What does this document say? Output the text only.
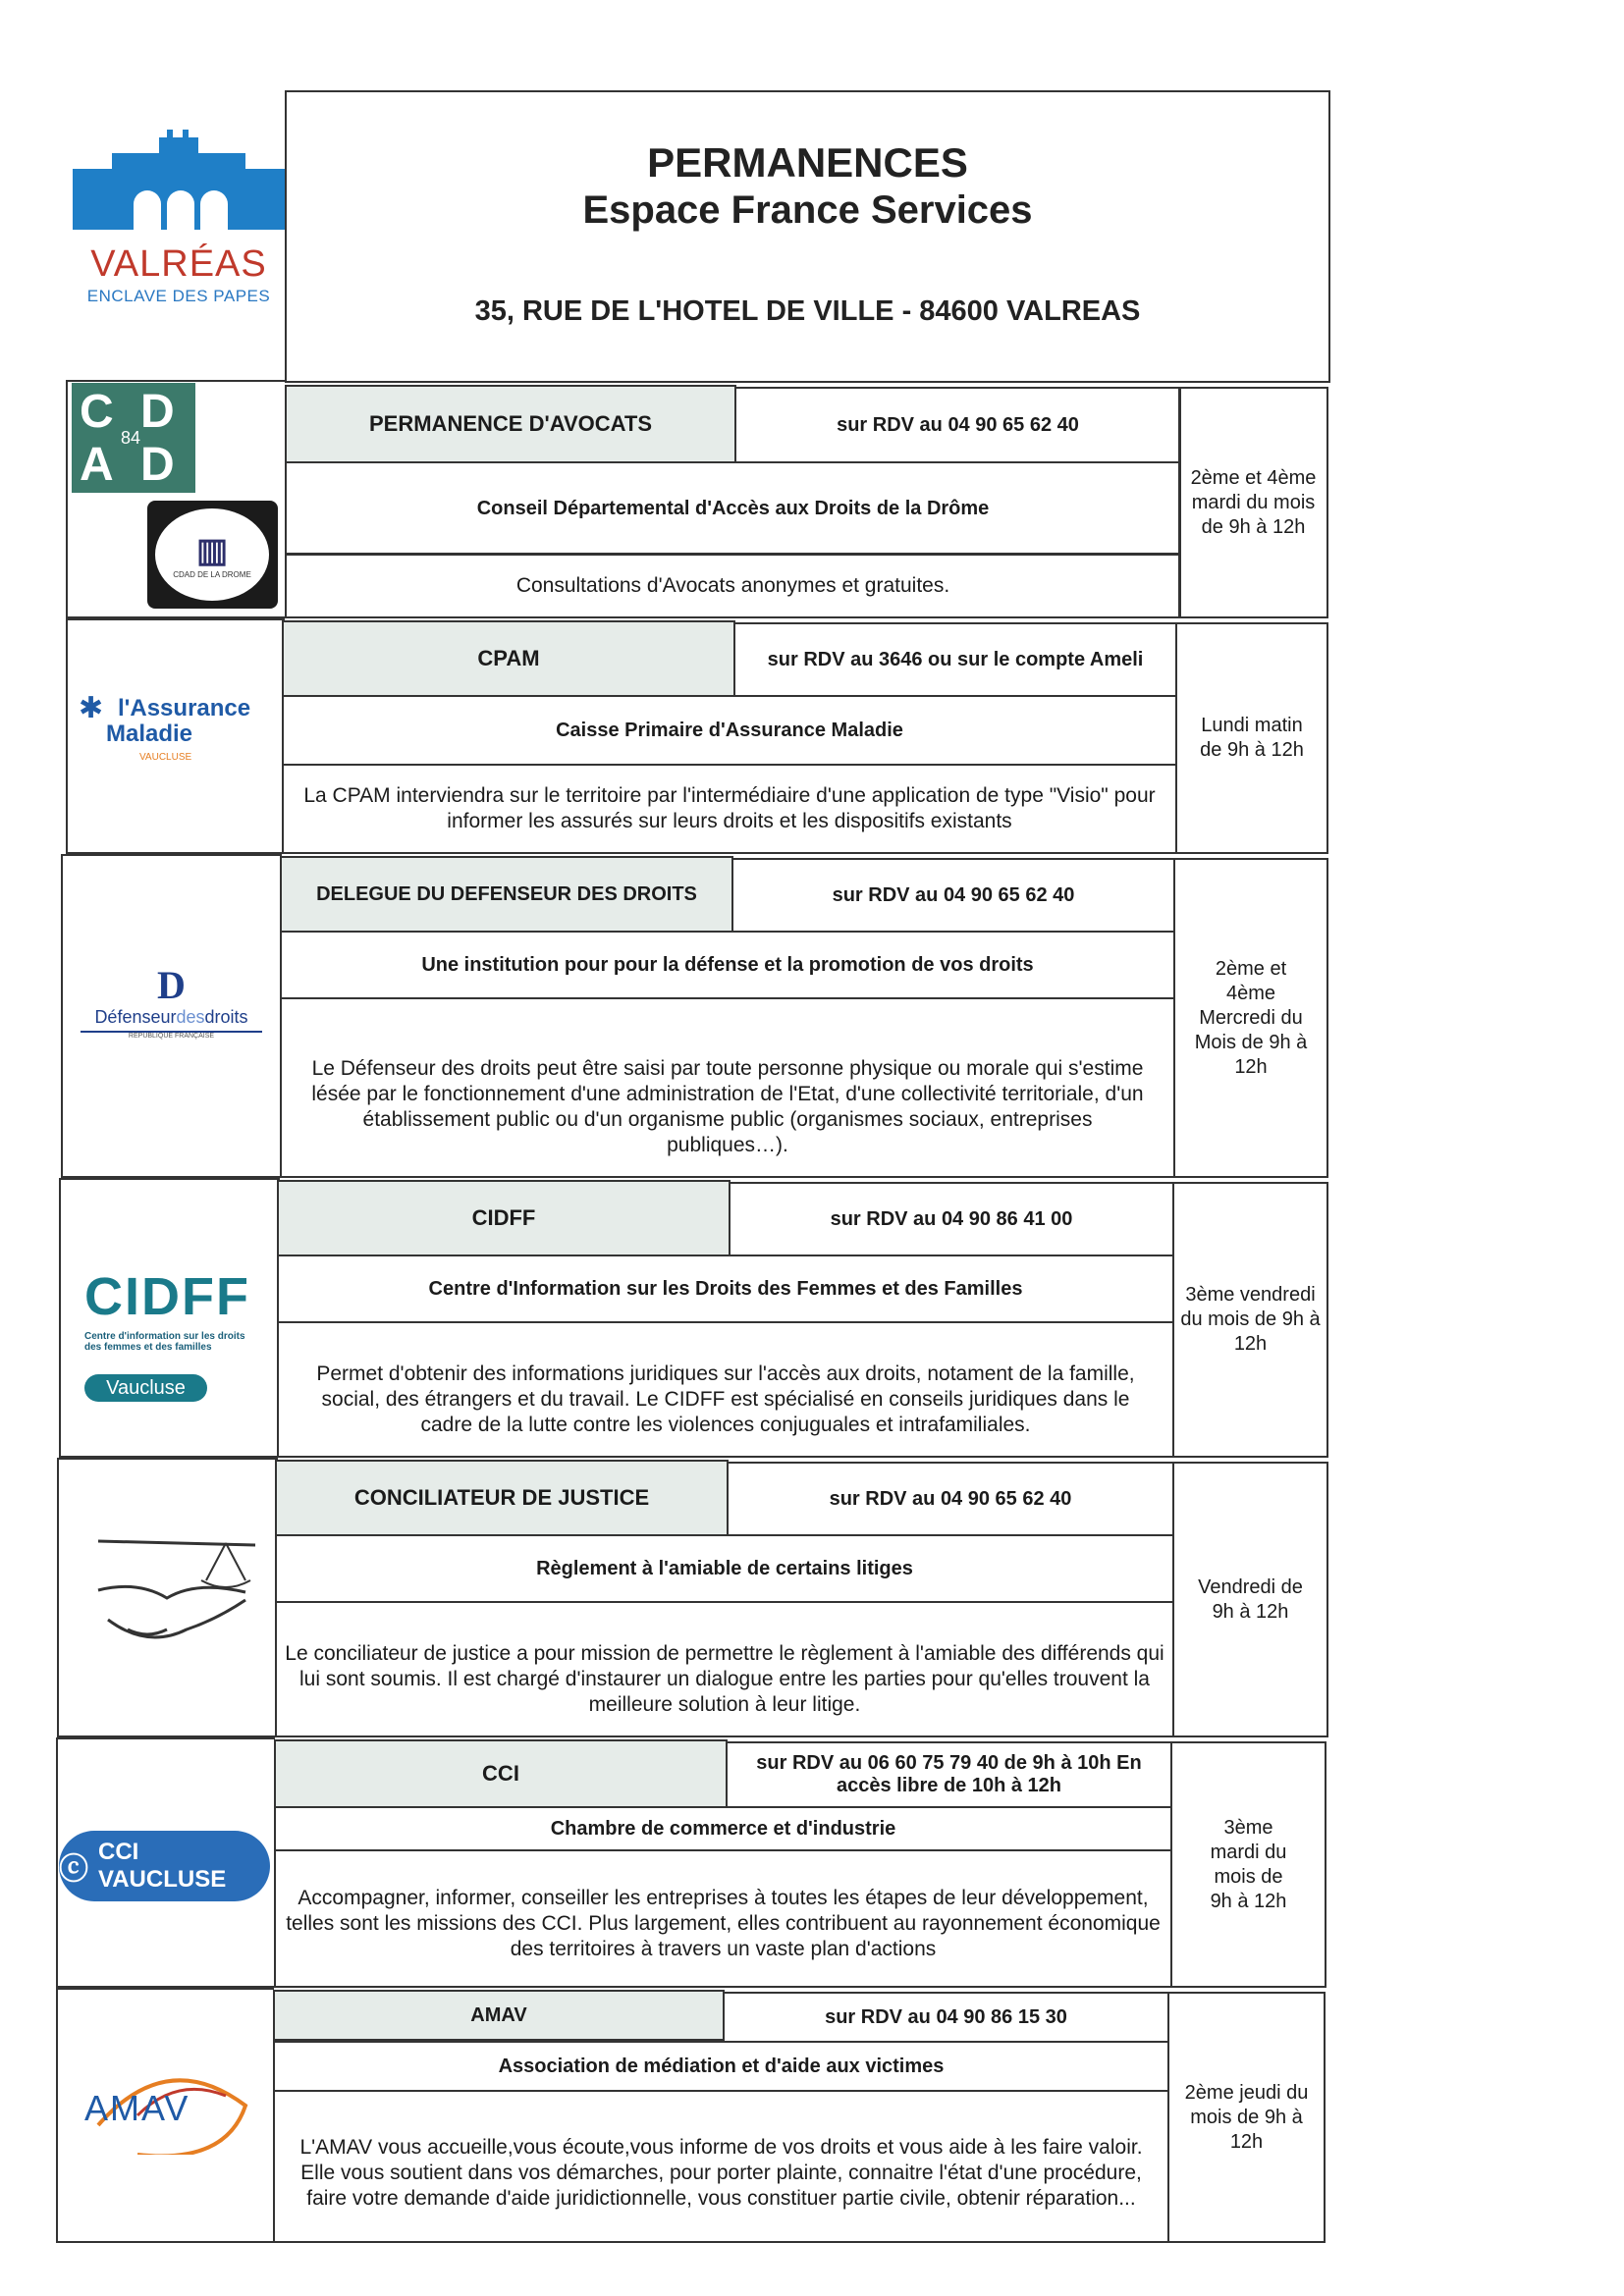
VALRÉAS
ENCLAVE DES PAPES
PERMANENCES
Espace France Services
35, RUE DE L'HOTEL DE VILLE - 84600 VALREAS
C D
A D
84
▥
CDAD DE LA DROME
PERMANENCE D'AVOCATS	sur RDV au 04 90 65 62 40
Conseil Départemental d'Accès aux Droits de la Drôme
Consultations d'Avocats anonymes et gratuites.
2ème et 4ème mardi du mois de 9h à 12h
✱ l'Assurance
Maladie
VAUCLUSE
CPAM	sur RDV au 3646 ou sur le compte Ameli
Caisse Primaire d'Assurance Maladie
La CPAM interviendra sur le territoire par l'intermédiaire d'une application de type "Visio" pour informer les assurés sur leurs droits et les dispositifs existants
Lundi matin de 9h à 12h
D
Défenseurdesdroits
RÉPUBLIQUE FRANÇAISE
DELEGUE DU DEFENSEUR DES DROITS	sur RDV au 04 90 65 62 40
Une institution pour pour la défense et la promotion de vos droits
Le Défenseur des droits peut être saisi par toute personne physique ou morale qui s'estime lésée par le fonctionnement d'une administration de l'Etat, d'une collectivité territoriale, d'un établissement public ou d'un organisme public (organismes sociaux, entreprises publiques…).
2ème et 4ème Mercredi du Mois de 9h à 12h
CIDFF
Centre d'information sur les droits des femmes et des familles
Vaucluse
CIDFF	sur RDV au 04 90 86 41 00
Centre d'Information sur les Droits des Femmes et des Familles
Permet d'obtenir des informations juridiques sur l'accès aux droits, notament de la famille, social, des étrangers et du travail. Le CIDFF est spécialisé en conseils juridiques dans le cadre de la lutte contre les violences conjuguales et intrafamiliales.
3ème vendredi du mois de 9h à 12h
CONCILIATEUR DE JUSTICE	sur RDV au 04 90 65 62 40
Règlement à l'amiable de certains litiges
Le conciliateur de justice a pour mission de permettre le règlement à l'amiable des différends qui lui sont soumis. Il est chargé d'instaurer un dialogue entre les parties pour qu'elles trouvent la meilleure solution à leur litige.
Vendredi de 9h à 12h
ⓒ
CCI VAUCLUSE
CCI	sur RDV au 06 60 75 79 40 de 9h à 10h En accès libre de 10h à 12h
Chambre de commerce et d'industrie
Accompagner, informer, conseiller les entreprises à toutes les étapes de leur développement, telles sont les missions des CCI. Plus largement, elles contribuent au rayonnement économique des territoires à travers un vaste plan d'actions
3ème mardi du mois de 9h à 12h
AMAV
AMAV	sur RDV au 04 90 86 15 30
Association de médiation et d'aide aux victimes
L'AMAV vous accueille,vous écoute,vous informe de vos droits et vous aide à les faire valoir. Elle vous soutient dans vos démarches, pour porter plainte, connaitre l'état d'une procédure, faire votre demande d'aide juridictionnelle, vous constituer partie civile, obtenir réparation...
2ème jeudi du mois de 9h à 12h
